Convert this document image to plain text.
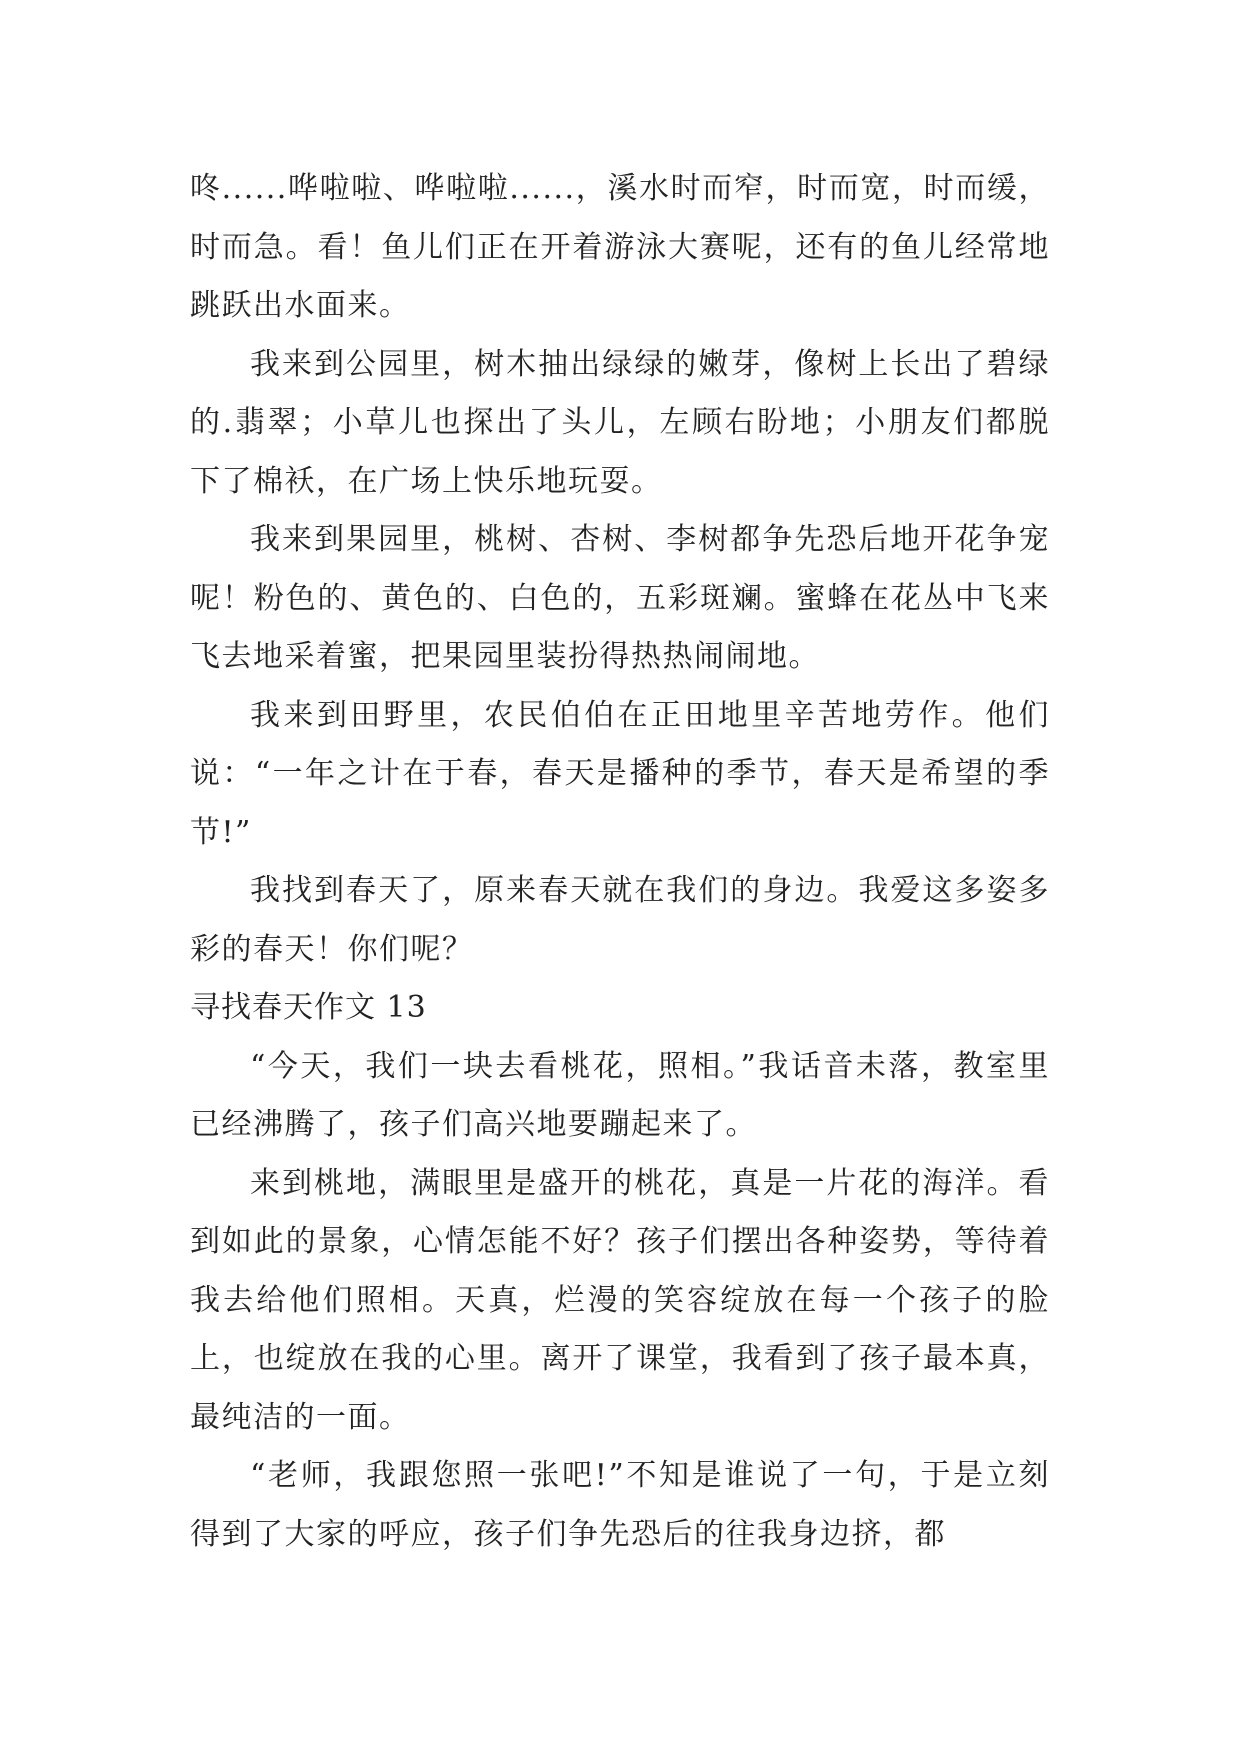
咚......哗啦啦、哗啦啦......，溪水时而窄，时而宽，时而缓，时而急。看！鱼儿们正在开着游泳大赛呢，还有的鱼儿经常地跳跃出水面来。

我来到公园里，树木抽出绿绿的嫩芽，像树上长出了碧绿的.翡翠；小草儿也探出了头儿，左顾右盼地；小朋友们都脱下了棉袄，在广场上快乐地玩耍。

我来到果园里，桃树、杏树、李树都争先恐后地开花争宠呢！粉色的、黄色的、白色的，五彩斑斓。蜜蜂在花丛中飞来飞去地采着蜜，把果园里装扮得热热闹闹地。

我来到田野里，农民伯伯在正田地里辛苦地劳作。他们说：“一年之计在于春，春天是播种的季节，春天是希望的季节!”

我找到春天了，原来春天就在我们的身边。我爱这多姿多彩的春天！你们呢？

寻找春天作文 13

“今天，我们一块去看桃花，照相。”我话音未落，教室里已经沸腾了，孩子们高兴地要蹦起来了。

来到桃地，满眼里是盛开的桃花，真是一片花的海洋。看到如此的景象，心情怎能不好？孩子们摆出各种姿势，等待着我去给他们照相。天真，烂漫的笑容绽放在每一个孩子的脸上，也绽放在我的心里。离开了课堂，我看到了孩子最本真，最纯洁的一面。

“老师，我跟您照一张吧!”不知是谁说了一句，于是立刻得到了大家的呼应，孩子们争先恐后的往我身边挤，都
